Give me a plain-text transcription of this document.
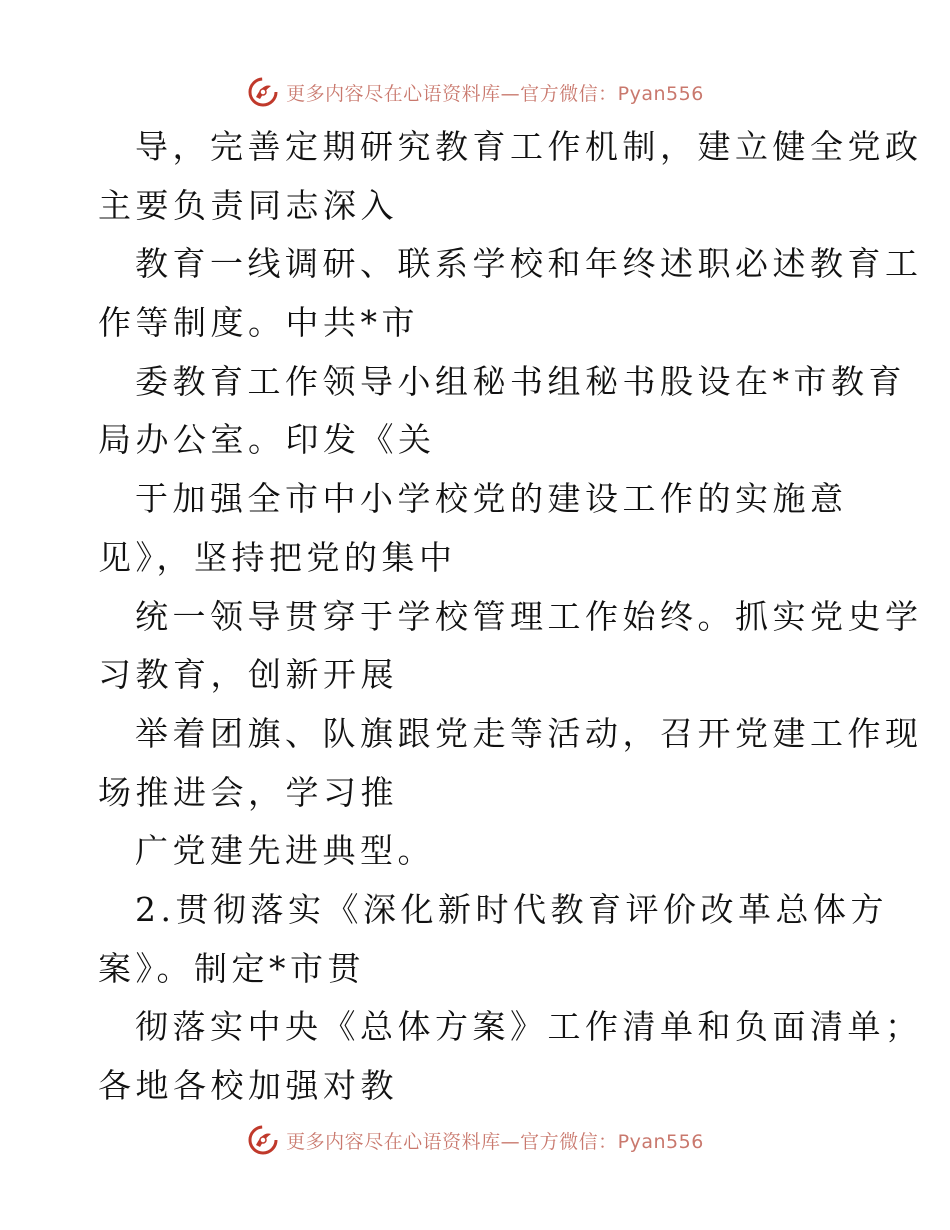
更多内容尽在心语资料库—官方微信：Pyan556
导，完善定期研究教育工作机制，建立健全党政
主要负责同志深入
教育一线调研、联系学校和年终述职必述教育工
作等制度。中共*市
委教育工作领导小组秘书组秘书股设在*市教育
局办公室。印发《关
于加强全市中小学校党的建设工作的实施意
见》，坚持把党的集中
统一领导贯穿于学校管理工作始终。抓实党史学
习教育，创新开展
举着团旗、队旗跟党走等活动，召开党建工作现
场推进会，学习推
广党建先进典型。
2.贯彻落实《深化新时代教育评价改革总体方
案》。制定*市贯
彻落实中央《总体方案》工作清单和负面清单；
各地各校加强对教
更多内容尽在心语资料库—官方微信：Pyan556
